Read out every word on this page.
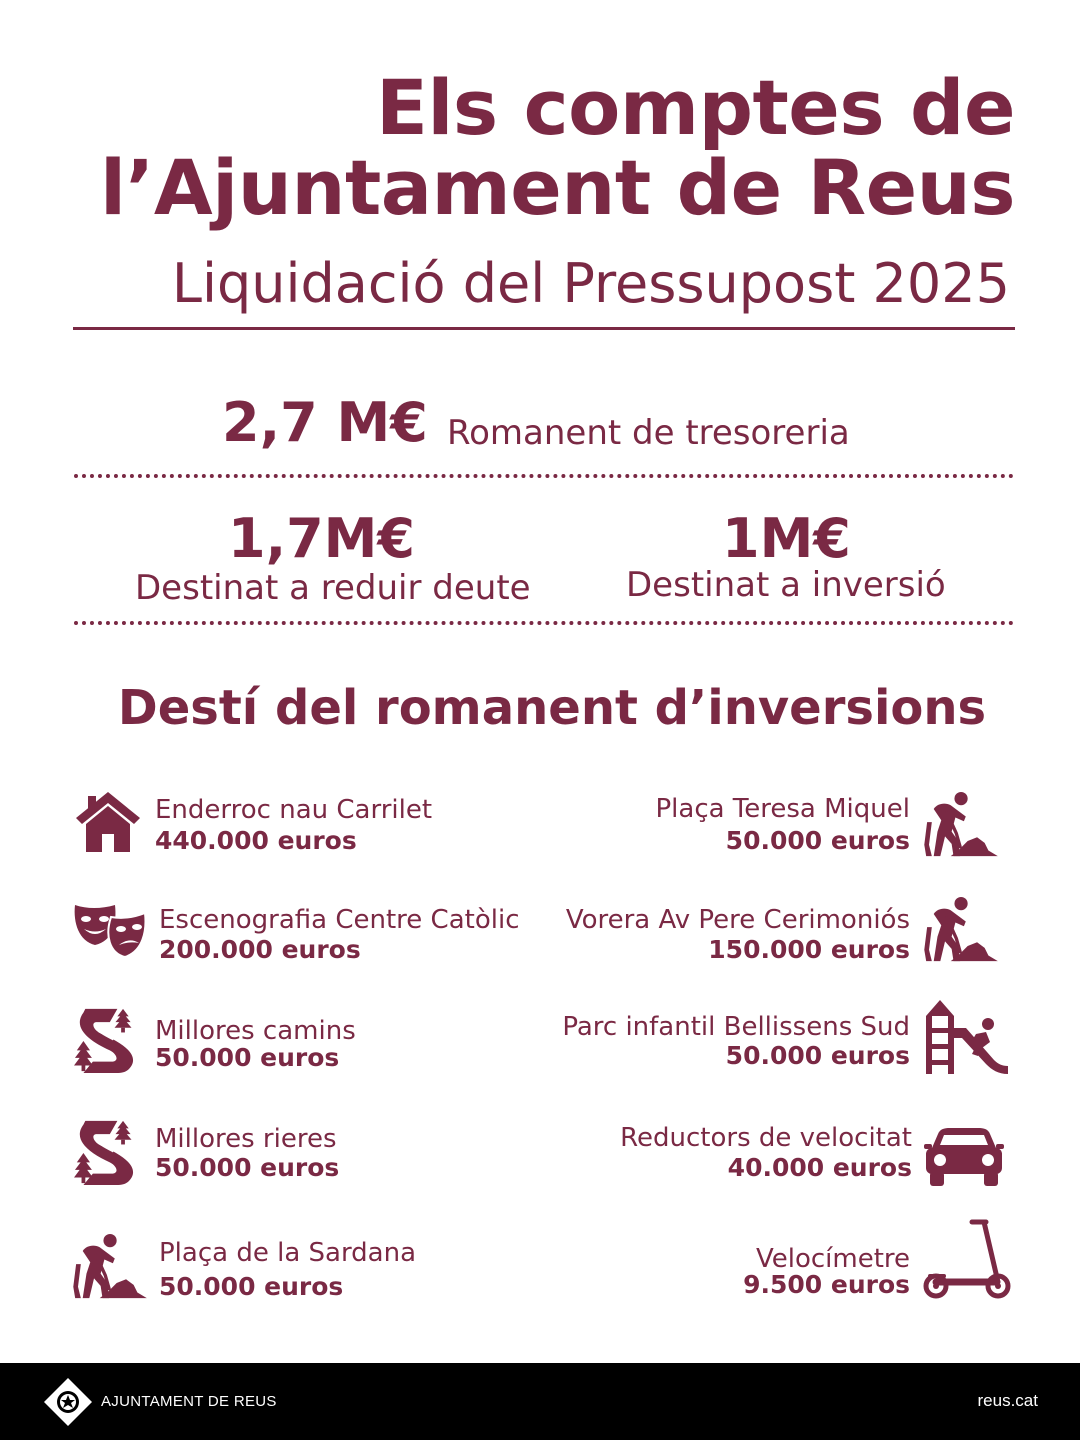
Els comptes de
l’Ajuntament de Reus
Liquidació del Pressupost 2025
2,7 M€ Romanent de tresoreria
1,7M€
Destinat a reduir deute
1M€
Destinat a inversió
Destí del romanent d’inversions
Enderroc nau Carrilet
440.000 euros
Escenografia Centre Catòlic
200.000 euros
Millores camins
50.000 euros
Millores rieres
50.000 euros
Plaça de la Sardana
50.000 euros
Plaça Teresa Miquel
50.000 euros
Vorera Av Pere Cerimoniós
150.000 euros
Parc infantil Bellissens Sud
50.000 euros
Reductors de velocitat
40.000 euros
Velocímetre
9.500 euros
AJUNTAMENT DE REUS	reus.cat
